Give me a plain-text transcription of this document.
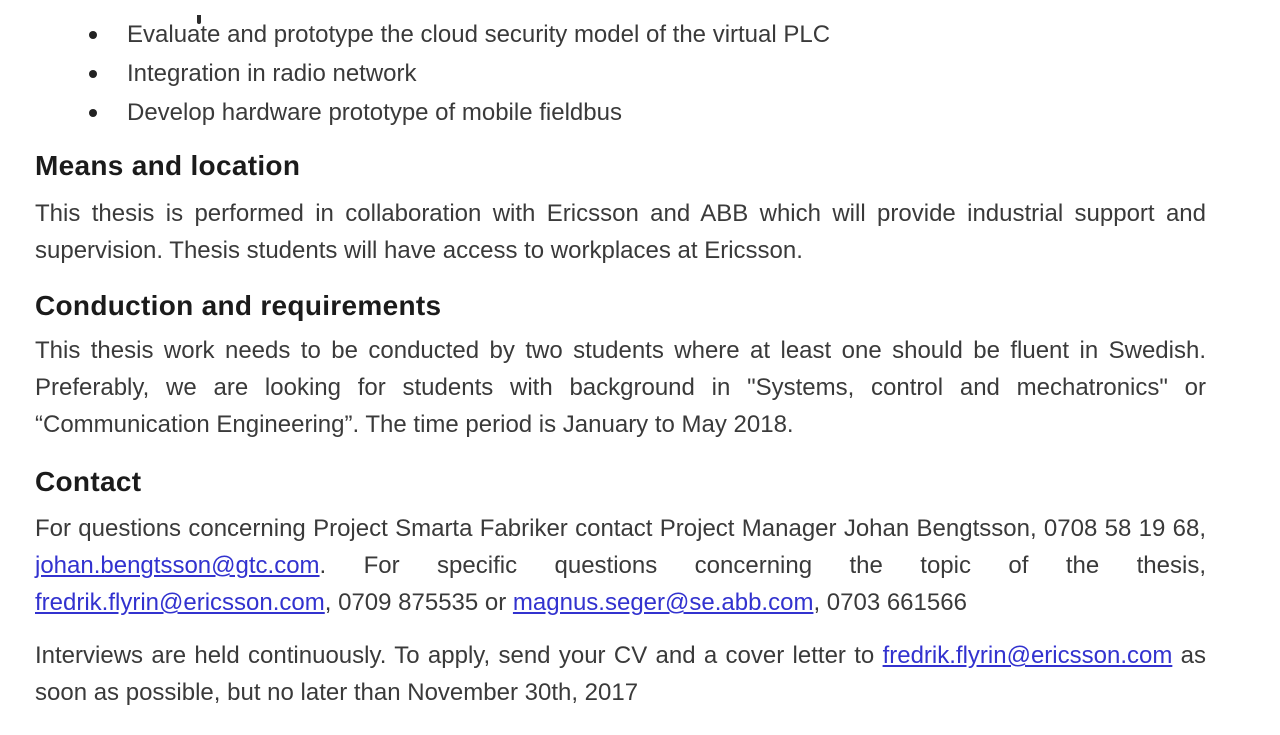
Evaluate and prototype the cloud security model of the virtual PLC
Integration in radio network
Develop hardware prototype of mobile fieldbus
Means and location

This thesis is performed in collaboration with Ericsson and ABB which will provide industrial support and supervision. Thesis students will have access to workplaces at Ericsson.

Conduction and requirements

This thesis work needs to be conducted by two students where at least one should be fluent in Swedish. Preferably, we are looking for students with background in "Systems, control and mechatronics" or “Communication Engineering”. The time period is January to May 2018.

Contact

For questions concerning Project Smarta Fabriker contact Project Manager Johan Bengtsson, 0708 58 19 68, johan.bengtsson@gtc.com. For specific questions concerning the topic of the thesis, fredrik.flyrin@ericsson.com, 0709 875535 or magnus.seger@se.abb.com, 0703 661566

Interviews are held continuously. To apply, send your CV and a cover letter to fredrik.flyrin@ericsson.com as soon as possible, but no later than November 30th, 2017
